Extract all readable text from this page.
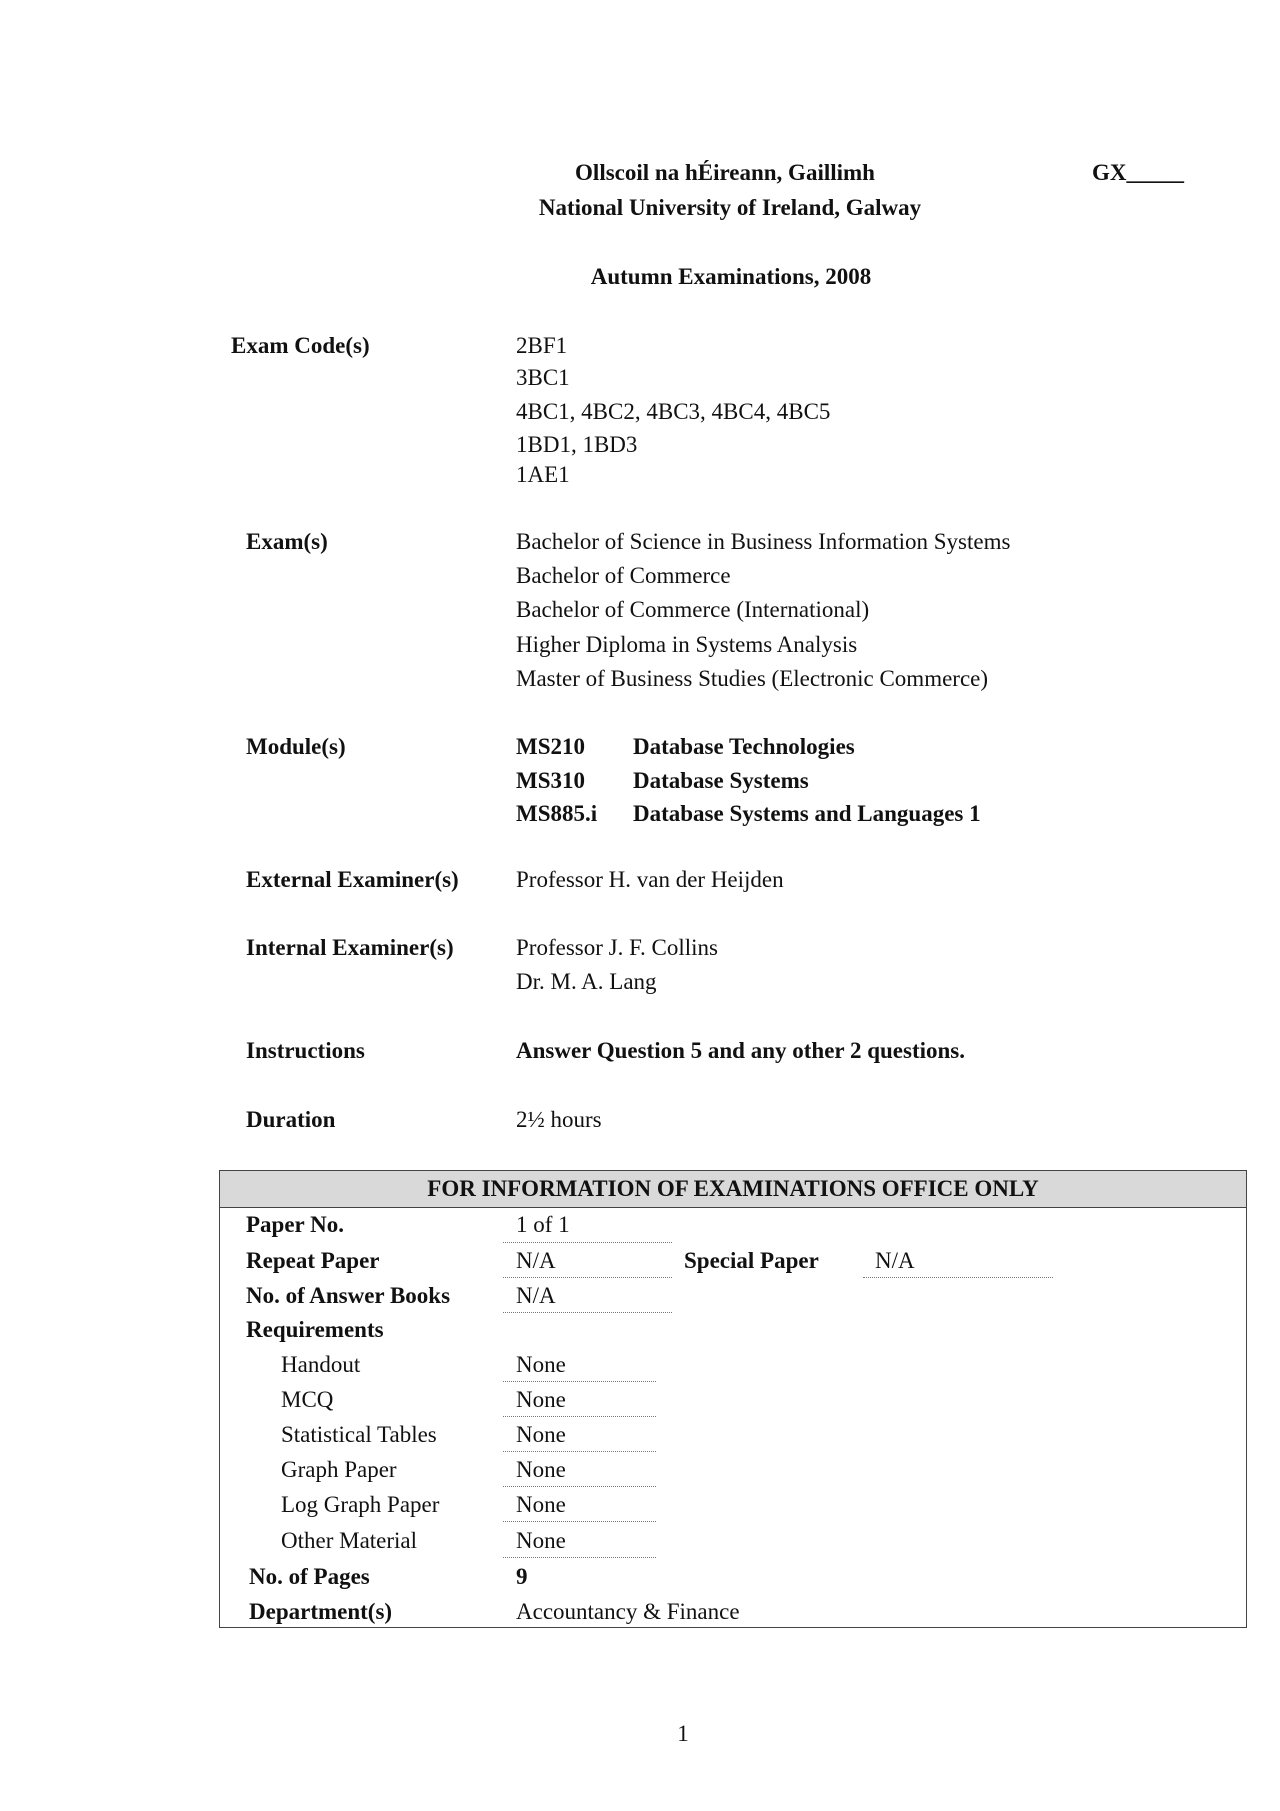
Ollscoil na hÉireann, Gaillimh	GX_____
National University of Ireland, Galway
Autumn Examinations, 2008
Exam Code(s)	2BF1
3BC1
4BC1, 4BC2, 4BC3, 4BC4, 4BC5
1BD1, 1BD3
1AE1
Exam(s)	Bachelor of Science in Business Information Systems
Bachelor of Commerce
Bachelor of Commerce (International)
Higher Diploma in Systems Analysis
Master of Business Studies (Electronic Commerce)
Module(s)	MS210 Database Technologies
MS310 Database Systems
MS885.i Database Systems and Languages 1
External Examiner(s) Professor H. van der Heijden
Internal Examiner(s)	Professor J. F. Collins
Dr. M. A. Lang
Instructions	Answer Question 5 and any other 2 questions.
Duration	2½ hours
FOR INFORMATION OF EXAMINATIONS OFFICE ONLY
Paper No.	1 of 1
Repeat Paper	N/A	Special Paper N/A
No. of Answer Books	N/A
Requirements
Handout	None
MCQ	None
Statistical Tables	None
Graph Paper	None
Log Graph Paper	None
Other Material	None
No. of Pages	9
Department(s)	Accountancy & Finance
1
